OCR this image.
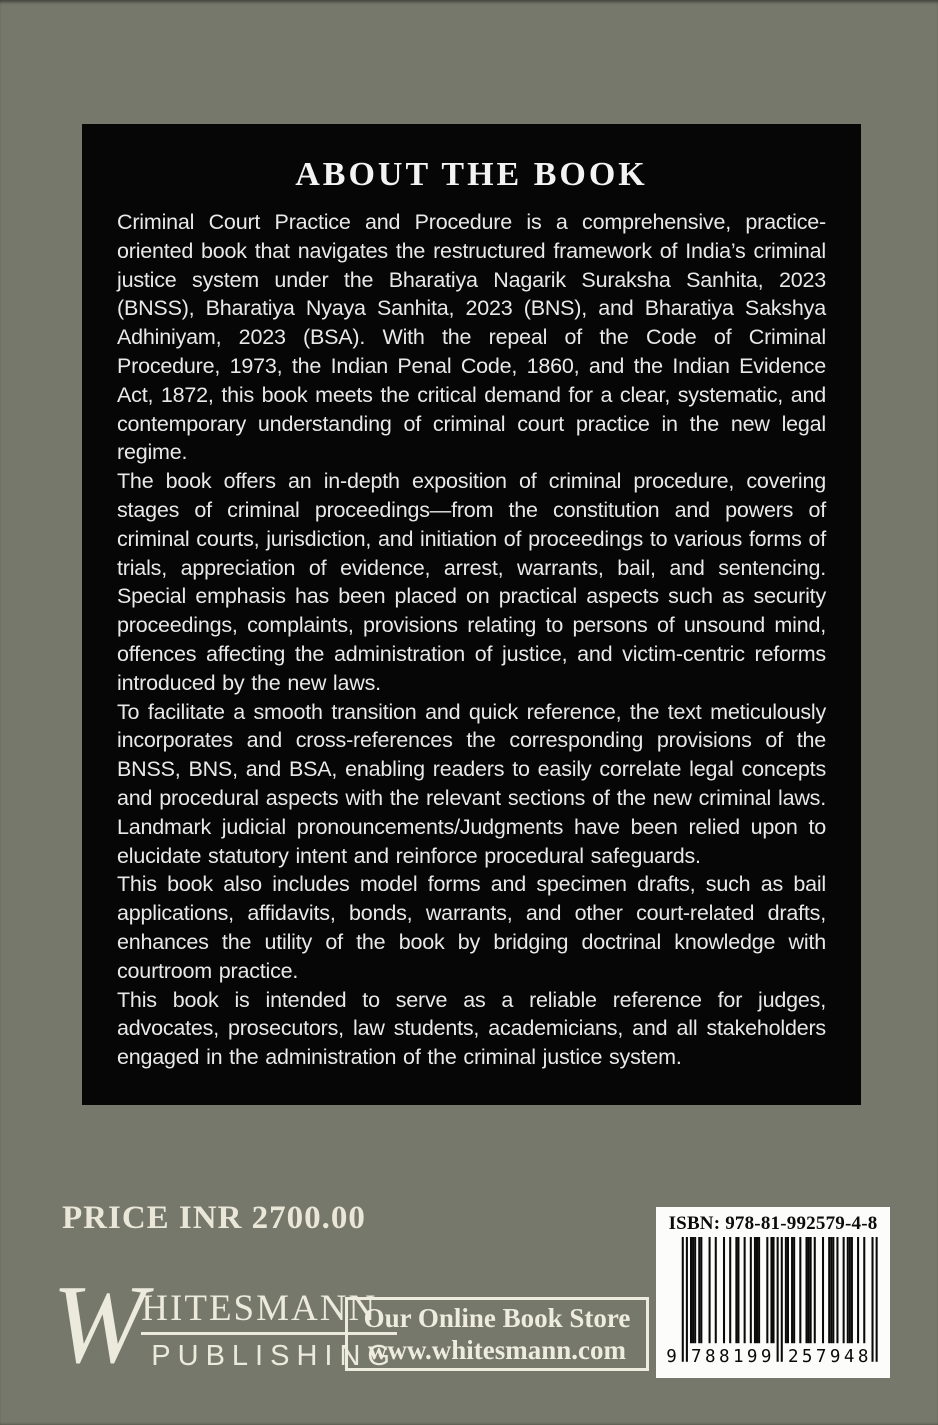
ABOUT THE BOOK

Criminal Court Practice and Procedure is a comprehensive, practice-oriented book that navigates the restructured framework of India’s criminal justice system under the Bharatiya Nagarik Suraksha Sanhita, 2023 (BNSS), Bharatiya Nyaya Sanhita, 2023 (BNS), and Bharatiya Sakshya Adhiniyam, 2023 (BSA). With the repeal of the Code of Criminal Procedure, 1973, the Indian Penal Code, 1860, and the Indian Evidence Act, 1872, this book meets the critical demand for a clear, systematic, and contemporary understanding of criminal court practice in the new legal regime.

The book offers an in-depth exposition of criminal procedure, covering stages of criminal proceedings—from the constitution and powers of criminal courts, jurisdiction, and initiation of proceedings to various forms of trials, appreciation of evidence, arrest, warrants, bail, and sentencing. Special emphasis has been placed on practical aspects such as security proceedings, complaints, provisions relating to persons of unsound mind, offences affecting the administration of justice, and victim-centric reforms introduced by the new laws.

To facilitate a smooth transition and quick reference, the text meticulously incorporates and cross-references the corresponding provisions of the BNSS, BNS, and BSA, enabling readers to easily correlate legal concepts and procedural aspects with the relevant sections of the new criminal laws. Landmark judicial pronouncements/Judgments have been relied upon to elucidate statutory intent and reinforce procedural safeguards.

This book also includes model forms and specimen drafts, such as bail applications, affidavits, bonds, warrants, and other court-related drafts, enhances the utility of the book by bridging doctrinal knowledge with courtroom practice.

This book is intended to serve as a reliable reference for judges, advocates, prosecutors, law students, academicians, and all stakeholders engaged in the administration of the criminal justice system.

PRICE INR 2700.00
W
HITESMANN
PUBLISHING
Our Online Book Store
www.whitesmann.com
ISBN: 978-81-992579-4-8
9 788199 257948
